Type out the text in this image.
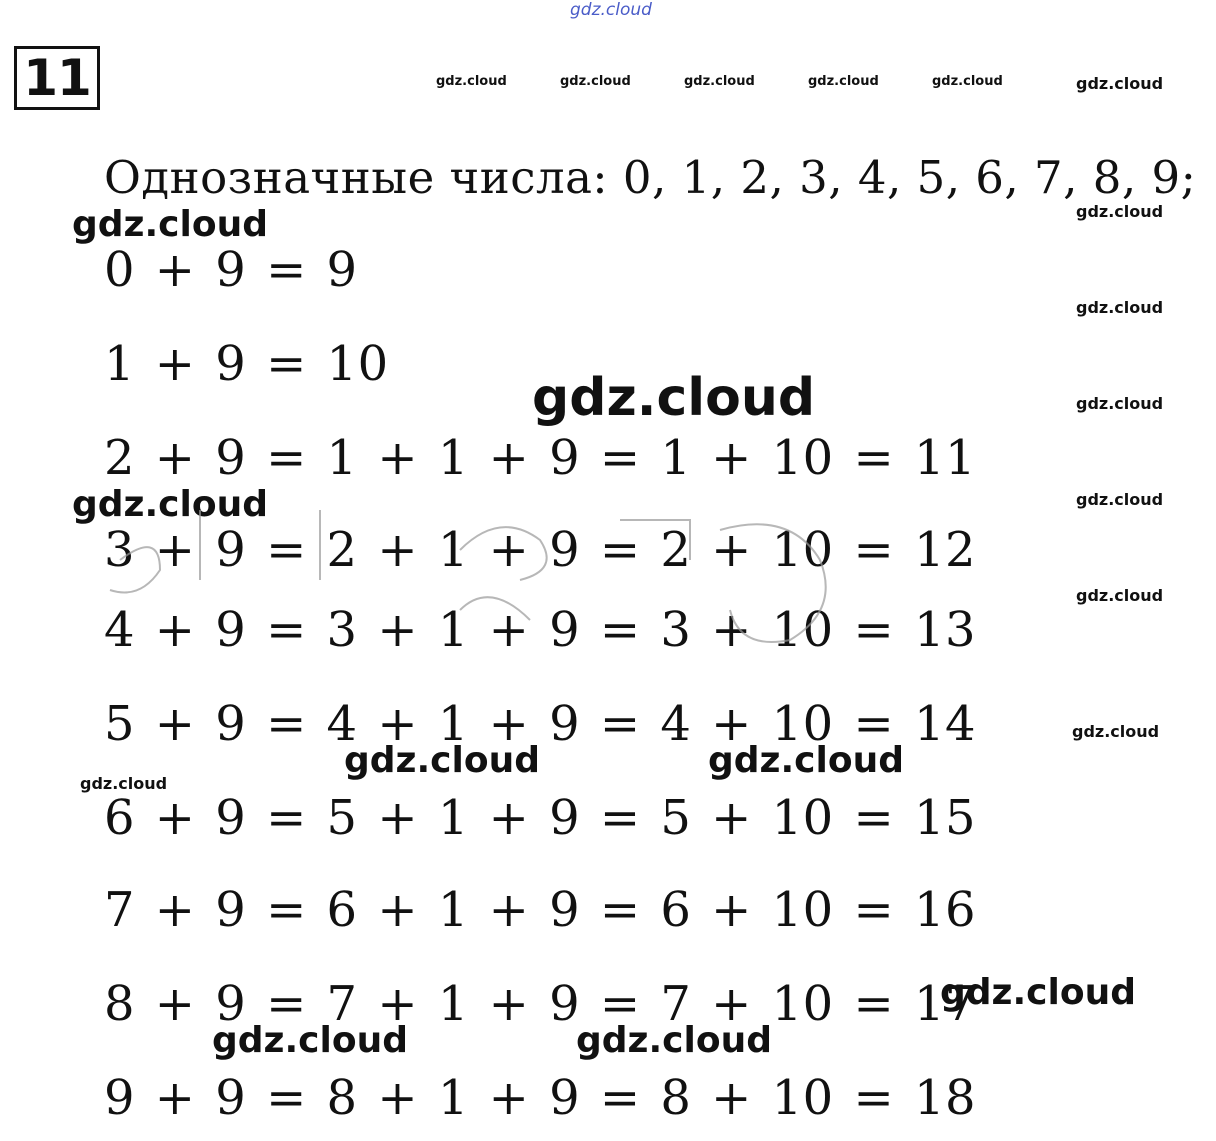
gdz.cloud
11	gdz.cloud	gdz.cloud	gdz.cloud	gdz.cloud	gdz.cloud	gdz.cloud
Однозначные числа: 0, 1, 2, 3, 4, 5, 6, 7, 8, 9;
gdz.cloud
gdz.cloud
gdz.cloud
gdz.cloud
gdz.cloud
gdz.cloud
gdz.cloud
gdz.cloud
gdz.cloud
gdz.cloud	gdz.cloud
gdz.cloud
gdz.cloud	gdz.cloud
gdz.cloud
0 + 9 = 9
1 + 9 = 10
2 + 9 = 1 + 1 + 9 = 1 + 10 = 11
3 + 9 = 2 + 1 + 9 = 2 + 10 = 12
4 + 9 = 3 + 1 + 9 = 3 + 10 = 13
5 + 9 = 4 + 1 + 9 = 4 + 10 = 14
6 + 9 = 5 + 1 + 9 = 5 + 10 = 15
7 + 9 = 6 + 1 + 9 = 6 + 10 = 16
8 + 9 = 7 + 1 + 9 = 7 + 10 = 17
9 + 9 = 8 + 1 + 9 = 8 + 10 = 18
